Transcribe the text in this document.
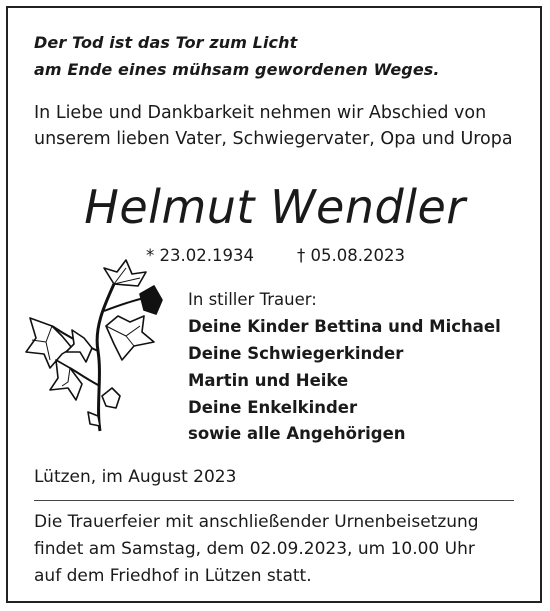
Der Tod ist das Tor zum Licht
am Ende eines mühsam gewordenen Weges.
In Liebe und Dankbarkeit nehmen wir Abschied von
unserem lieben Vater, Schwiegervater, Opa und Uropa
Helmut Wendler
* 23.02.1934	† 05.08.2023
In stiller Trauer:
Deine Kinder Bettina und Michael
Deine Schwiegerkinder
Martin und Heike
Deine Enkelkinder
sowie alle Angehörigen
Lützen, im August 2023
Die Trauerfeier mit anschließender Urnenbeisetzung
findet am Samstag, dem 02.09.2023, um 10.00 Uhr
auf dem Friedhof in Lützen statt.
